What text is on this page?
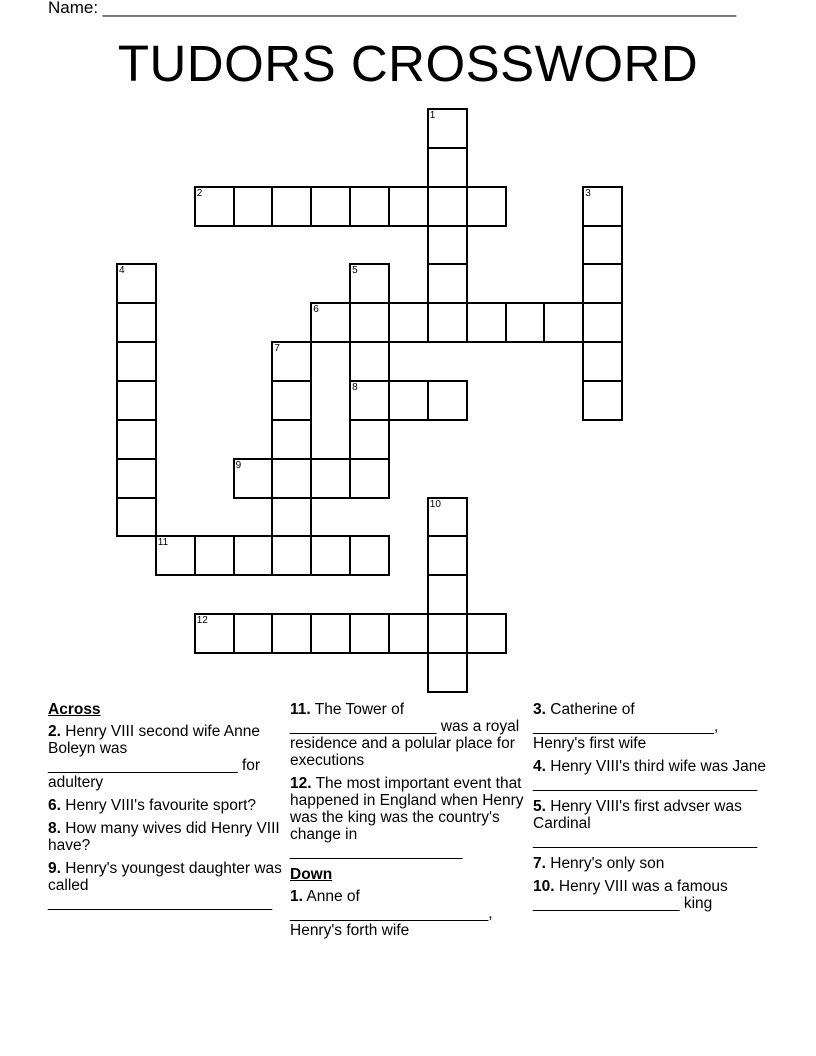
Name: ___________________________________________________________________
TUDORS CROSSWORD
1
2	3
4	5
8
6
7
9
10
11
12
Across
2. Henry VIII second wife Anne Boleyn was ______________________ for adultery
6. Henry VIII's favourite sport?
8. How many wives did Henry VIII have?
9. Henry's youngest daughter was called __________________________
11. The Tower of _________________ was a royal residence and a polular place for executions
12. The most important event that happened in England when Henry was the king was the country's change in ____________________
Down
1. Anne of _______________________, Henry's forth wife
3. Catherine of _____________________, Henry's first wife
4. Henry VIII's third wife was Jane __________________________
5. Henry VIII's first advser was Cardinal __________________________
7. Henry's only son
10. Henry VIII was a famous _________________ king
